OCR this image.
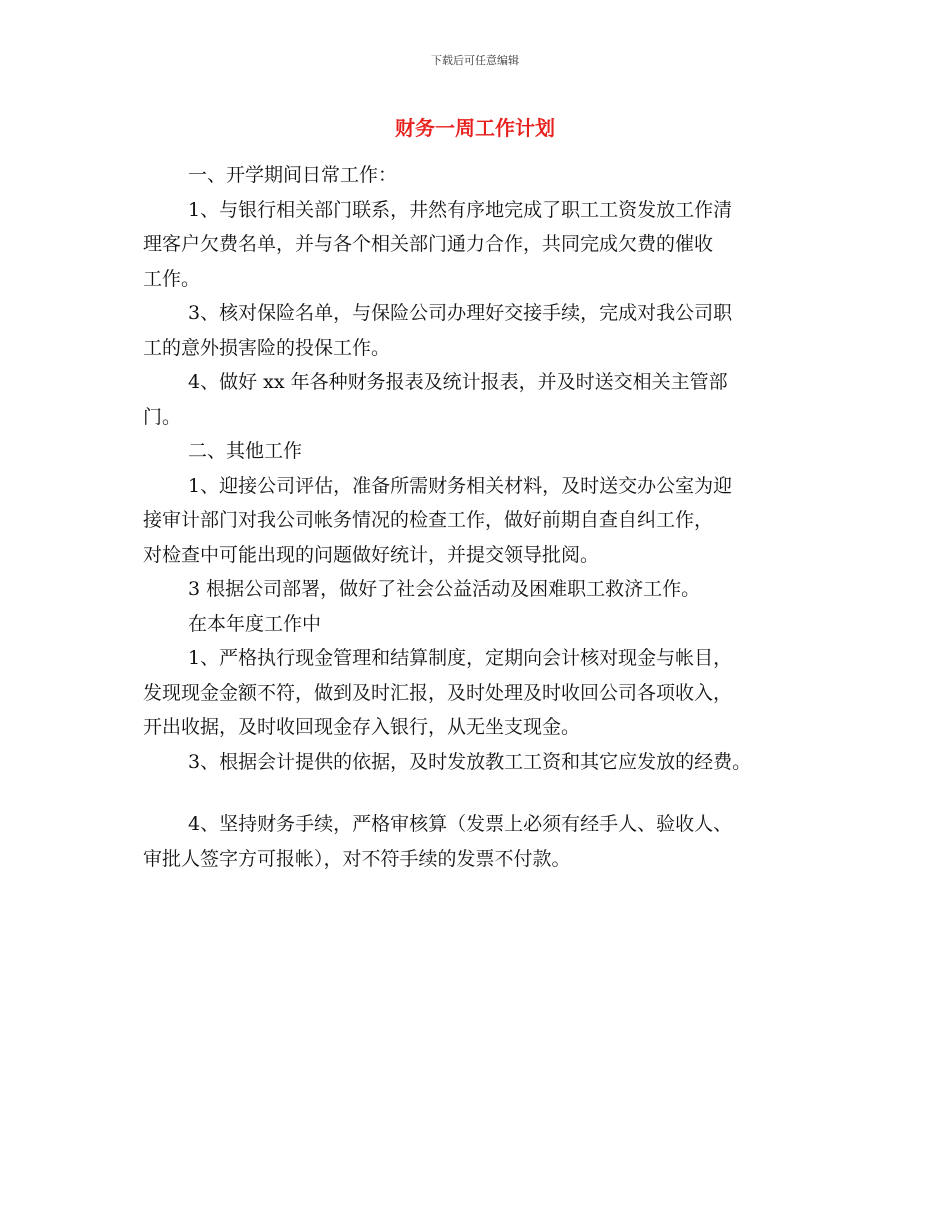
下载后可任意编辑
财务一周工作计划
一、开学期间日常工作：
1、与银行相关部门联系，井然有序地完成了职工工资发放工作清
理客户欠费名单，并与各个相关部门通力合作，共同完成欠费的催收
工作。
3、核对保险名单，与保险公司办理好交接手续，完成对我公司职
工的意外损害险的投保工作。
4、做好 xx 年各种财务报表及统计报表，并及时送交相关主管部
门。
二、其他工作
1、迎接公司评估，准备所需财务相关材料，及时送交办公室为迎
接审计部门对我公司帐务情况的检查工作，做好前期自查自纠工作，
对检查中可能出现的问题做好统计，并提交领导批阅。
3 根据公司部署，做好了社会公益活动及困难职工救济工作。
在本年度工作中
1、严格执行现金管理和结算制度，定期向会计核对现金与帐目，
发现现金金额不符，做到及时汇报，及时处理及时收回公司各项收入，
开出收据，及时收回现金存入银行，从无坐支现金。
3、根据会计提供的依据，及时发放教工工资和其它应发放的经费。
4、坚持财务手续，严格审核算（发票上必须有经手人、验收人、
审批人签字方可报帐），对不符手续的发票不付款。
